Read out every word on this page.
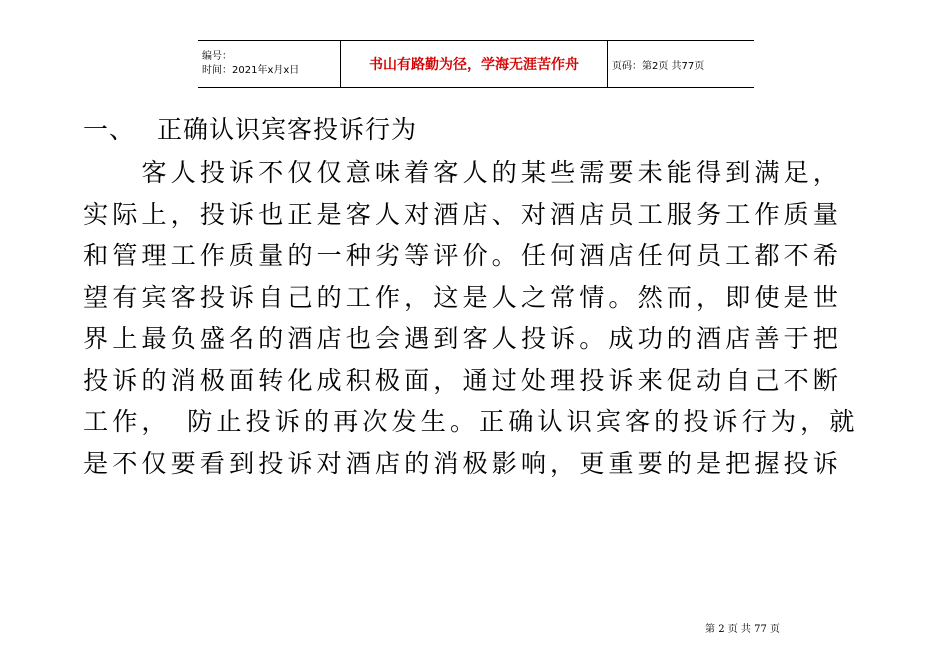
编号：
时间：2021年x月x日	书山有路勤为径，学海无涯苦作舟	页码：第2页 共77页
一、 正确认识宾客投诉行为

　　客人投诉不仅仅意味着客人的某些需要未能得到满足，

实际上，投诉也正是客人对酒店、对酒店员工服务工作质量

和管理工作质量的一种劣等评价。任何酒店任何员工都不希

望有宾客投诉自己的工作，这是人之常情。然而，即使是世

界上最负盛名的酒店也会遇到客人投诉。成功的酒店善于把

投诉的消极面转化成积极面，通过处理投诉来促动自己不断

工作，　防止投诉的再次发生。正确认识宾客的投诉行为，就

是不仅要看到投诉对酒店的消极影响，更重要的是把握投诉

第 2 页 共 77 页
